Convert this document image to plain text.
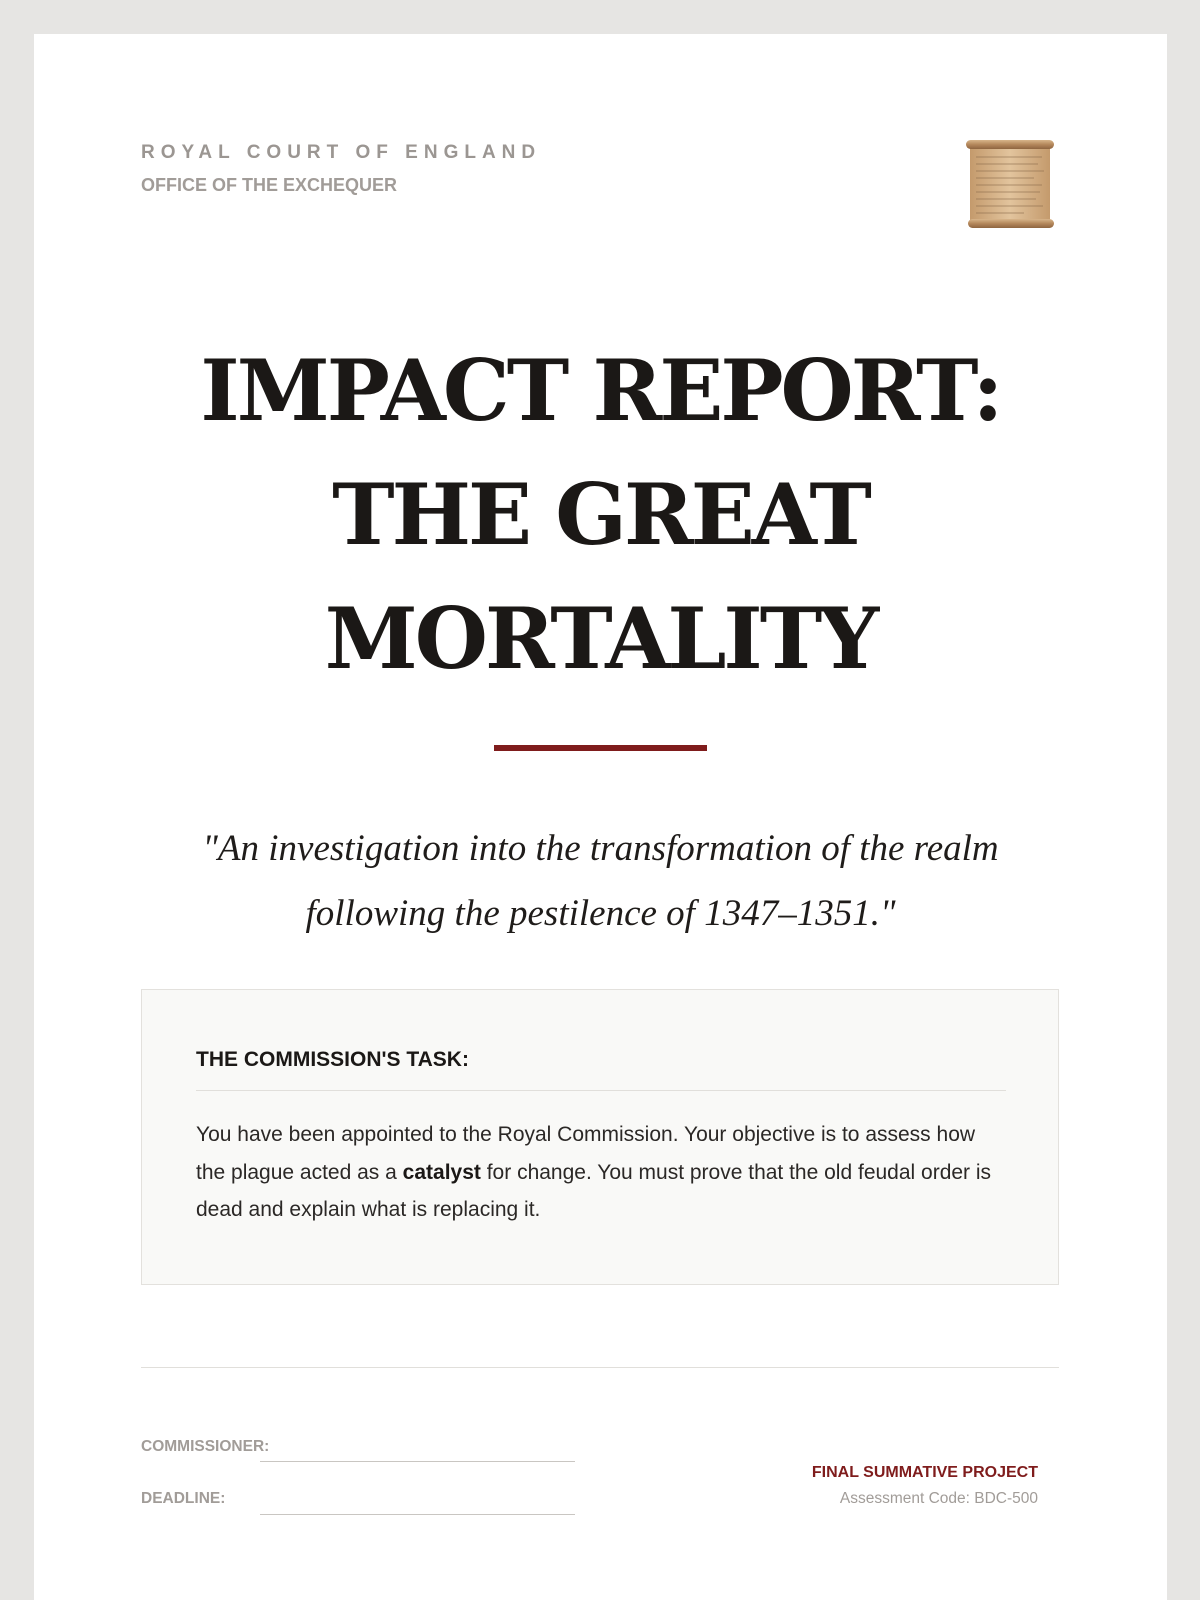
ROYAL COURT OF ENGLAND
OFFICE OF THE EXCHEQUER
IMPACT REPORT:
THE GREAT
MORTALITY

"An investigation into the transformation of the realm following the pestilence of 1347–1351."

THE COMMISSION'S TASK:

You have been appointed to the Royal Commission. Your objective is to assess how the plague acted as a catalyst for change. You must prove that the old feudal order is dead and explain what is replacing it.

COMMISSIONER:
DEADLINE:
FINAL SUMMATIVE PROJECT
Assessment Code: BDC-500
